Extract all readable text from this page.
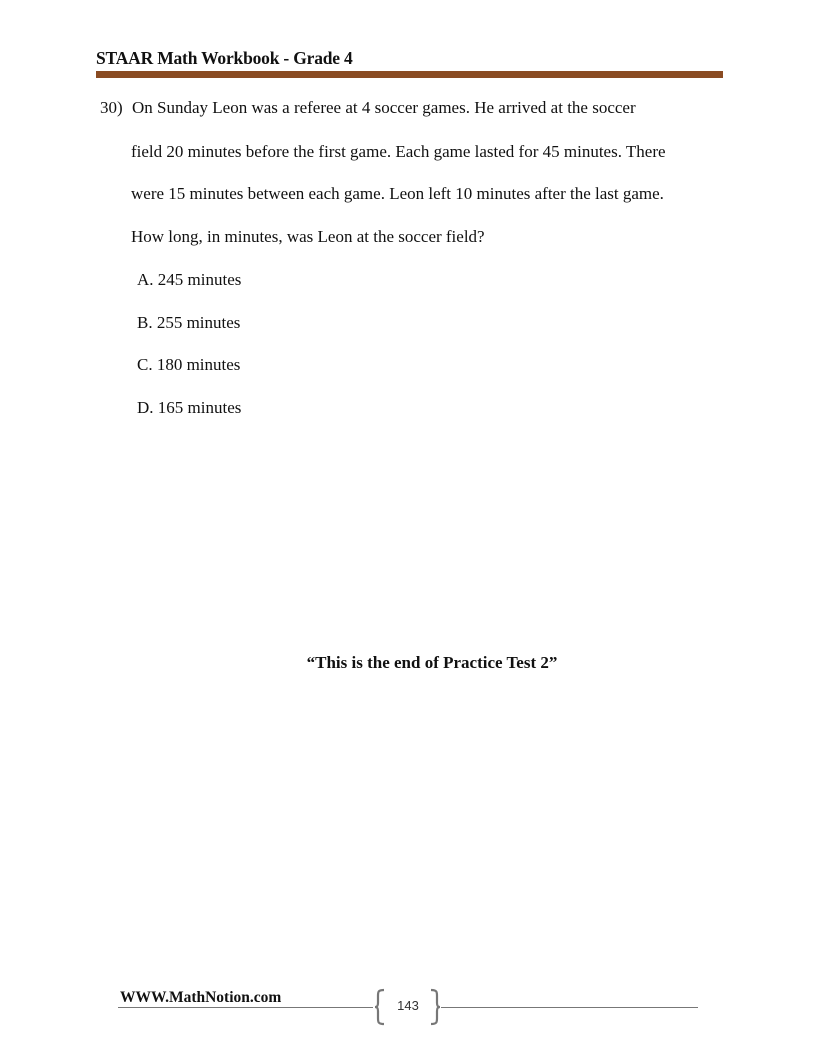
STAAR Math Workbook - Grade 4
30) On Sunday Leon was a referee at 4 soccer games. He arrived at the soccer
field 20 minutes before the first game. Each game lasted for 45 minutes. There
were 15 minutes between each game. Leon left 10 minutes after the last game.
How long, in minutes, was Leon at the soccer field?
A. 245 minutes
B. 255 minutes
C. 180 minutes
D. 165 minutes
“This is the end of Practice Test 2”
WWW.MathNotion.com	143
